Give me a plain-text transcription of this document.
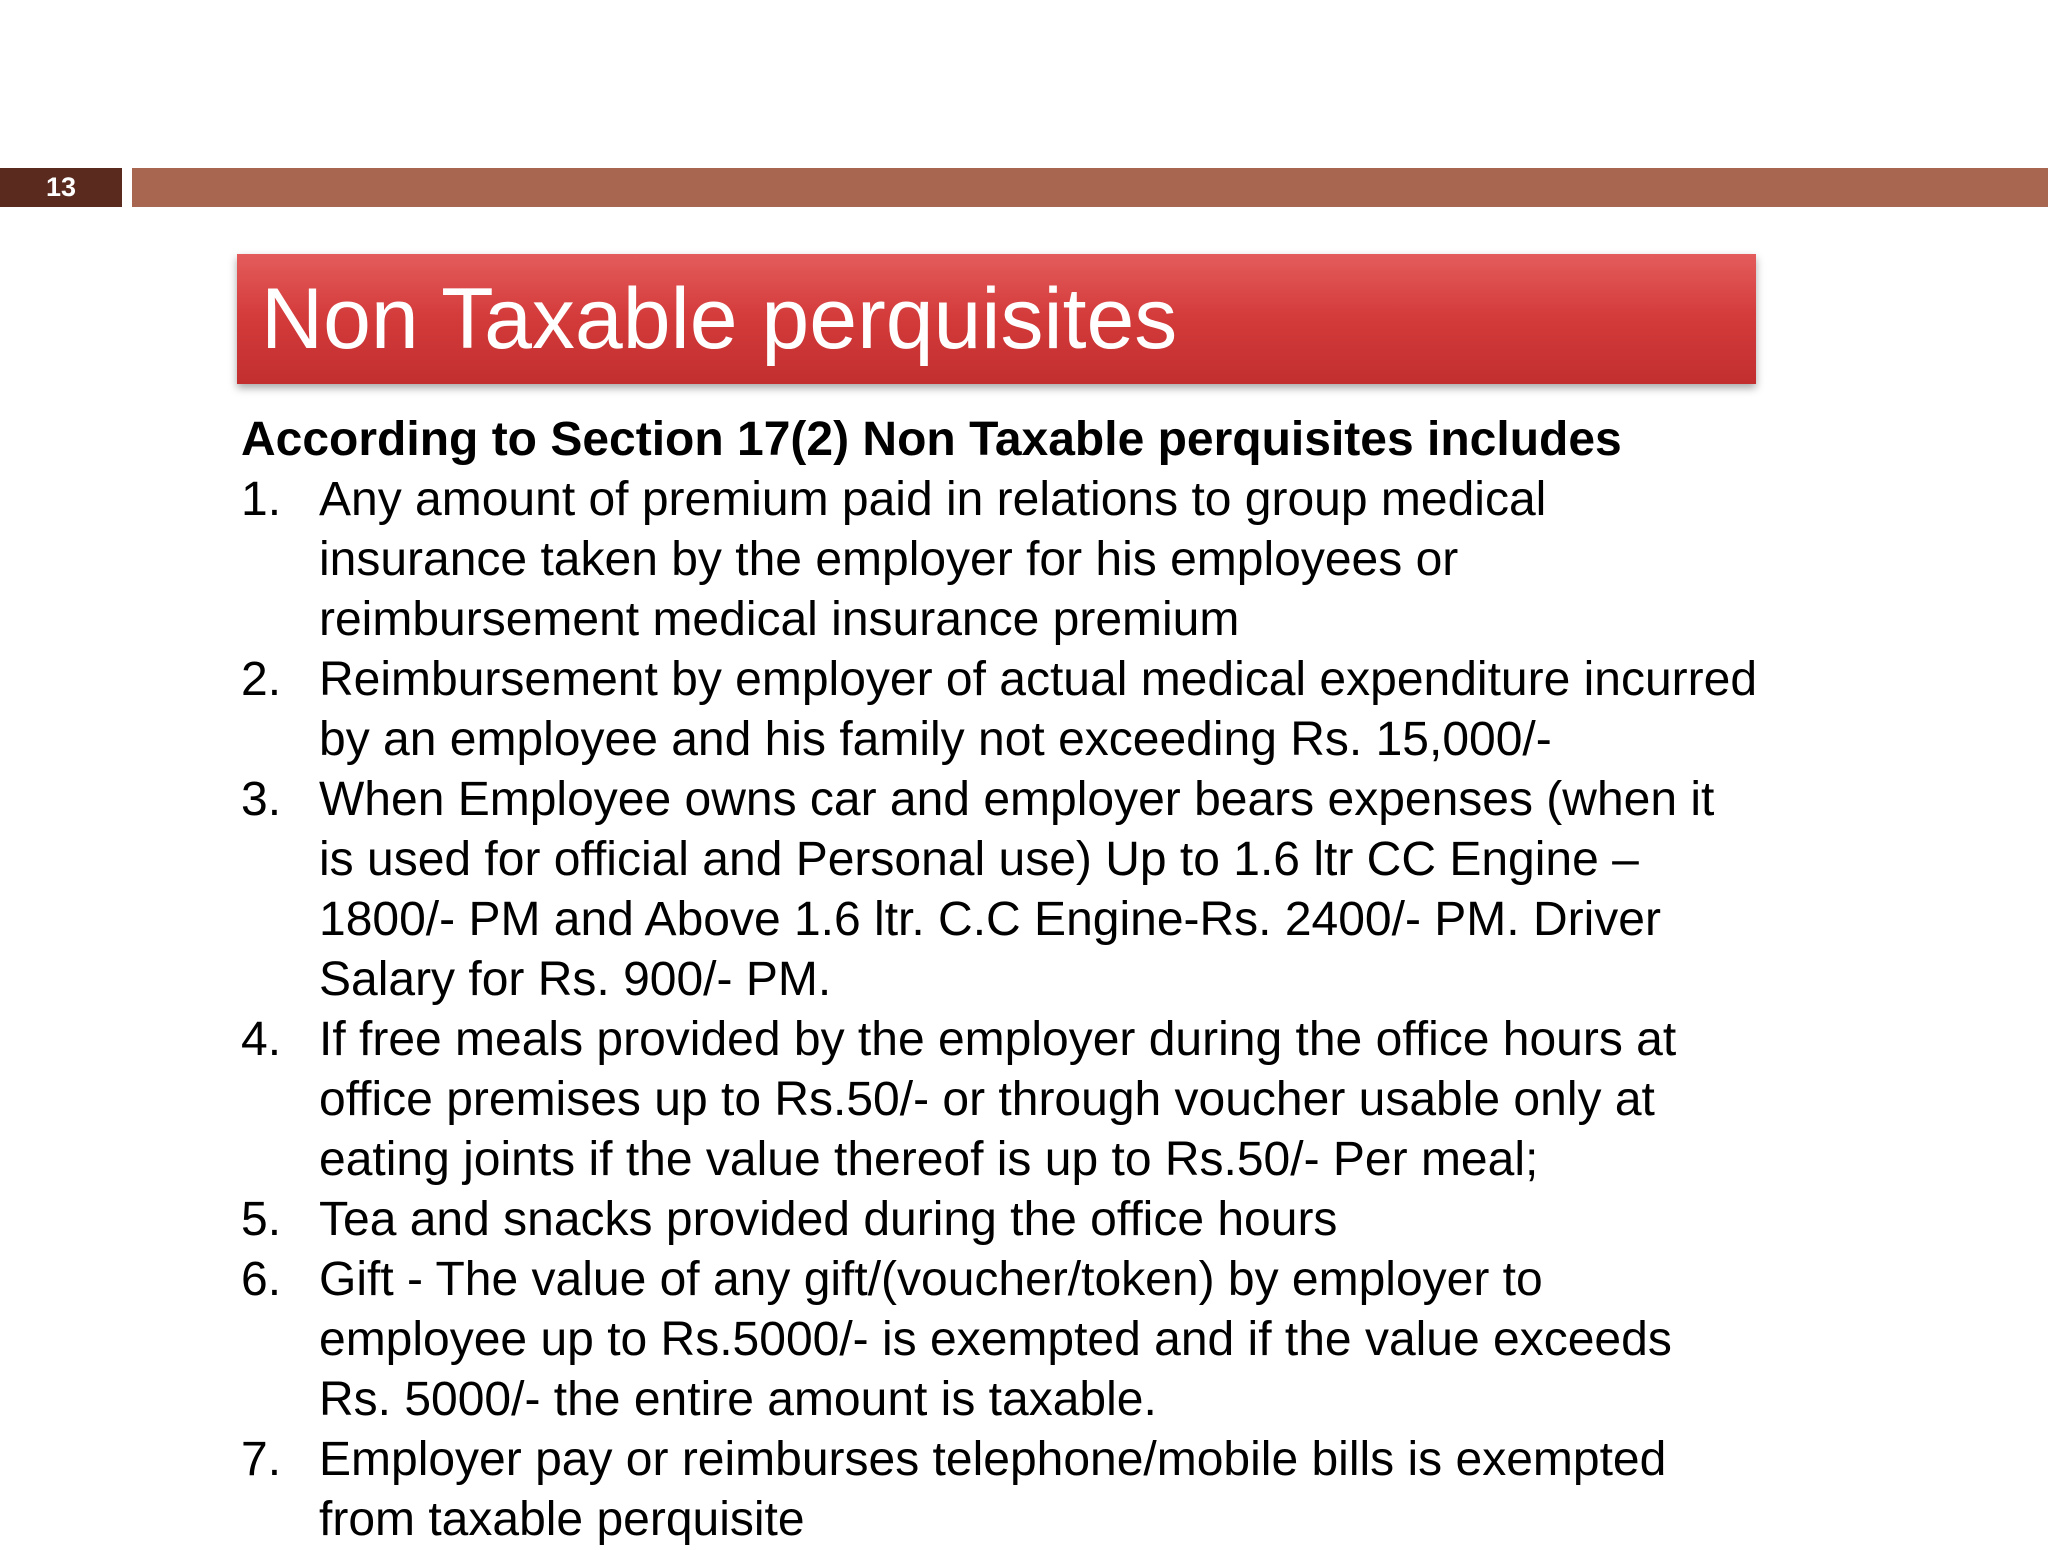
13
Non Taxable perquisites

According to Section 17(2) Non Taxable perquisites includes

1. Any amount of premium paid in relations to group medical
insurance taken by the employer for his employees or
reimbursement medical insurance premium
2. Reimbursement by employer of actual medical expenditure incurred
by an employee and his family not exceeding Rs. 15,000/-
3. When Employee owns car and employer bears expenses (when it
is used for official and Personal use) Up to 1.6 ltr CC Engine –
1800/- PM and Above 1.6 ltr. C.C Engine-Rs. 2400/- PM. Driver
Salary for Rs. 900/- PM.
4. If free meals provided by the employer during the office hours at
office premises up to Rs.50/- or through voucher usable only at
eating joints if the value thereof is up to Rs.50/- Per meal;
5. Tea and snacks provided during the office hours
6. Gift - The value of any gift/(voucher/token) by employer to
employee up to Rs.5000/- is exempted and if the value exceeds
Rs. 5000/- the entire amount is taxable.
7. Employer pay or reimburses telephone/mobile bills is exempted
from taxable perquisite
